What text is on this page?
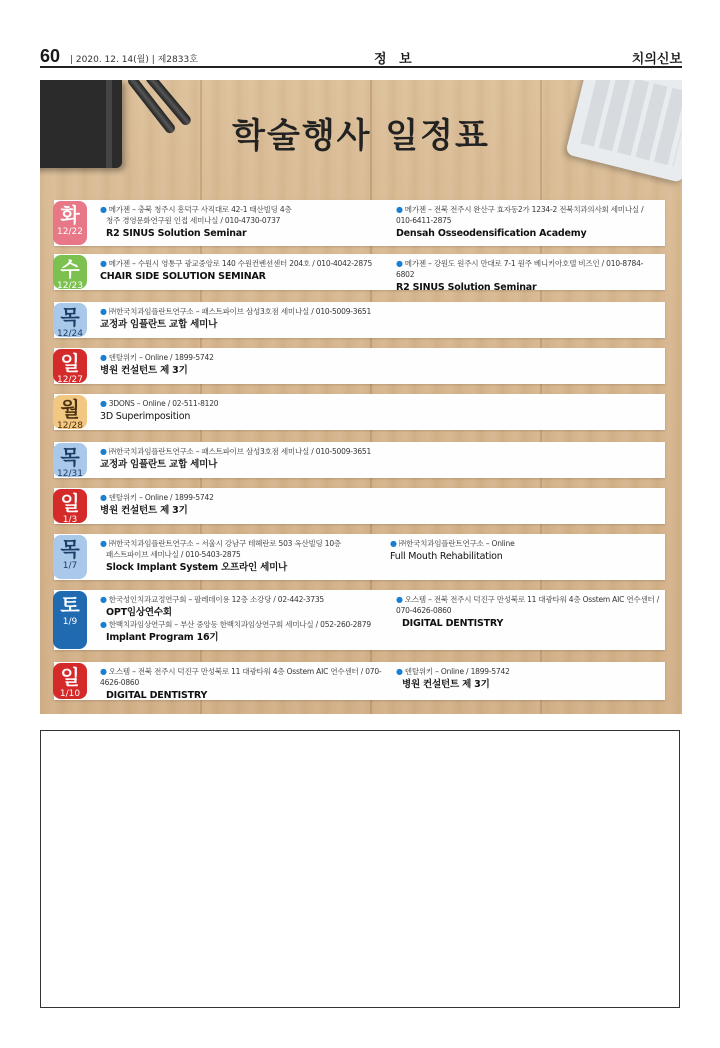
60 | 2020. 12. 14(월) | 제2833호	정 보	치의신보
학술행사 일정표
화
12/22
● 메가젠 – 충북 청주시 흥덕구 사직대로 42-1 태산빌딩 4층
청주 경영문화연구원 인접 세미나실 / 010-4730-0737
R2 SINUS Solution Seminar
● 메가젠 – 전북 전주시 완산구 효자동2가 1234-2 전북치과의사회 세미나실 / 010-6411-2875
Densah Osseodensification Academy
수
12/23
● 메가젠 – 수원시 영통구 광교중앙로 140 수원컨벤션센터 204호 / 010-4042-2875
CHAIR SIDE SOLUTION SEMINAR
● 메가젠 – 강원도 원주시 만대로 7-1 원주 베니키아호텔 비즈인 / 010-8784-6802
R2 SINUS Solution Seminar
목
12/24
● ㈜한국치과임플란트연구소 – 패스트파이브 삼성3호점 세미나실 / 010-5009-3651
교정과 임플란트 교합 세미나
일
12/27
● 덴탈위키 – Online / 1899-5742
병원 컨설턴트 제 3기
월
12/28
● 3DONS – Online / 02-511-8120
3D Superimposition
목
12/31
● ㈜한국치과임플란트연구소 – 패스트파이브 삼성3호점 세미나실 / 010-5009-3651
교정과 임플란트 교합 세미나
일
1/3
● 덴탈위키 – Online / 1899-5742
병원 컨설턴트 제 3기
목
1/7
● ㈜한국치과임플란트연구소 – 서울시 강남구 테헤란로 503 옥산빌딩 10층
패스트파이브 세미나실 / 010-5403-2875
Slock Implant System 오프라인 세미나
● ㈜한국치과임플란트연구소 – Online
Full Mouth Rehabilitation
토
1/9
● 한국성인치과교정연구회 – 팔레데이용 12층 소강당 / 02-442-3735
OPT임상연수회
● 한백치과임상연구회 – 부산 중앙동 한백치과임상연구회 세미나실 / 052-260-2879
Implant Program 16기
● 오스템 – 전북 전주시 덕진구 만성북로 11 대광타워 4층 Osstem AIC 연수센터 / 070-4626-0860
DIGITAL DENTISTRY
일
1/10
● 오스템 – 전북 전주시 덕진구 만성북로 11 대광타워 4층 Osstem AIC 연수센터 / 070-4626-0860
DIGITAL DENTISTRY
● 덴탈위키 – Online / 1899-5742
병원 컨설턴트 제 3기
